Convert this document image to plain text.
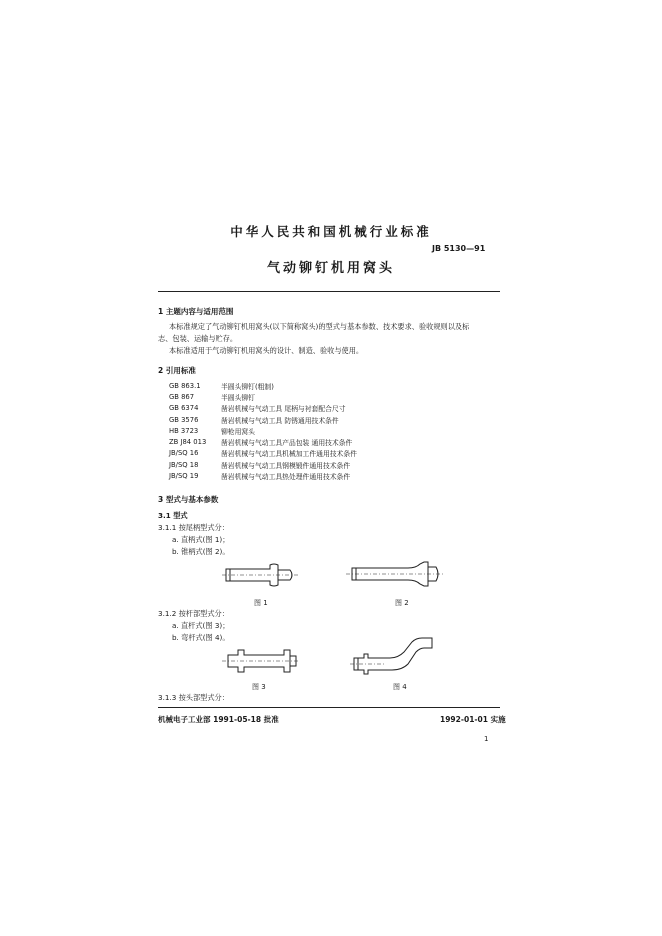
中华人民共和国机械行业标准
JB 5130—91
气动铆钉机用窝头
1 主题内容与适用范围
本标准规定了气动铆钉机用窝头(以下简称窝头)的型式与基本参数、技术要求、验收规则以及标
志、包装、运输与贮存。
本标准适用于气动铆钉机用窝头的设计、制造、验收与使用。
2 引用标准
GB 863.1	半圆头铆钉(粗制)
GB 867	半圆头铆钉
GB 6374	凿岩机械与气动工具 尾柄与衬套配合尺寸
GB 3576	凿岩机械与气动工具 防锈通用技术条件
HB 3723	铆枪用窝头
ZB J84 013	凿岩机械与气动工具产品包装 通用技术条件
JB/SQ 16	凿岩机械与气动工具机械加工件通用技术条件
JB/SQ 18	凿岩机械与气动工具钢模锻件通用技术条件
JB/SQ 19	凿岩机械与气动工具热处理件通用技术条件
3 型式与基本参数
3.1 型式
3.1.1 按尾柄型式分：
a. 直柄式(图 1)；
b. 锥柄式(图 2)。
图 1	图 2
3.1.2 按杆部型式分：
a. 直杆式(图 3)；
b. 弯杆式(图 4)。
图 3	图 4
3.1.3 按头部型式分：
机械电子工业部 1991-05-18 批准	1992-01-01 实施
1
